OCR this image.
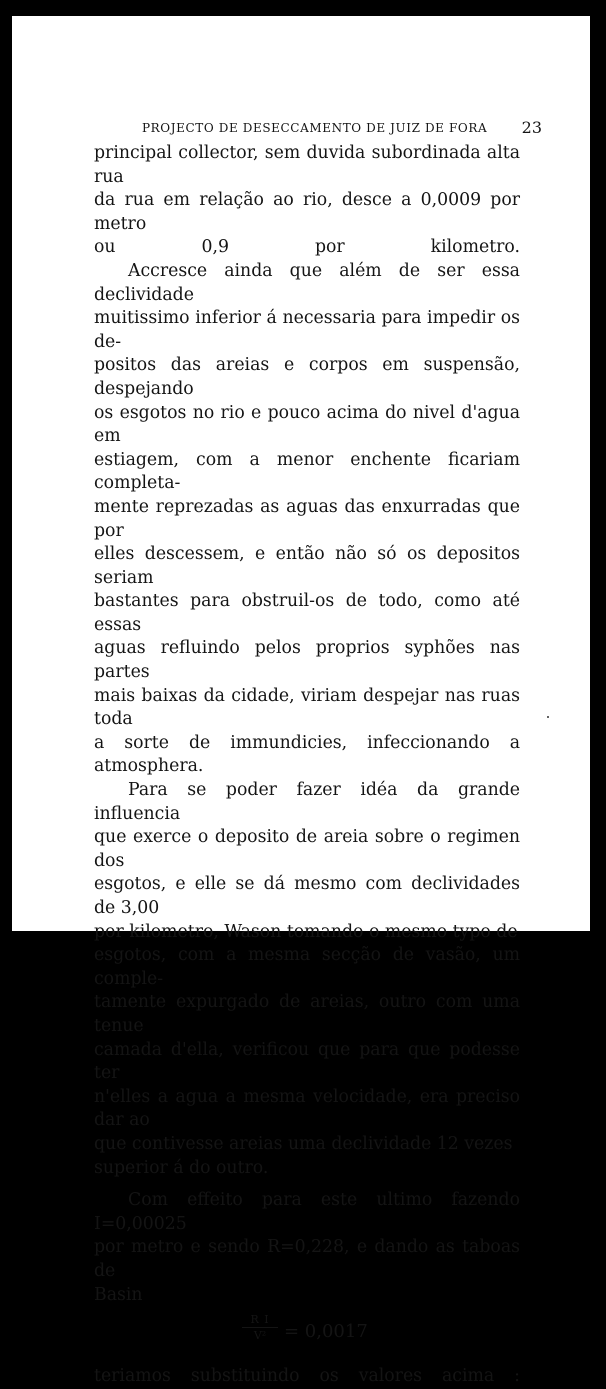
PROJECTO DE DESECCAMENTO DE JUIZ DE FORA 23

principal collector, sem duvida subordinada alta rua
da rua em relação ao rio, desce a 0,0009 por metro
ou 0,9 por kilometro.

Accresce ainda que além de ser essa declividade
muitissimo inferior á necessaria para impedir os de-
positos das areias e corpos em suspensão, despejando
os esgotos no rio e pouco acima do nivel d'agua em
estiagem, com a menor enchente ficariam completa-
mente reprezadas as aguas das enxurradas que por
elles descessem, e então não só os depositos seriam
bastantes para obstruil-os de todo, como até essas
aguas refluindo pelos proprios syphões nas partes
mais baixas da cidade, viriam despejar nas ruas toda
a sorte de immundicies, infeccionando a atmosphera.

Para se poder fazer idéa da grande influencia
que exerce o deposito de areia sobre o regimen dos
esgotos, e elle se dá mesmo com declividades de 3,00
por kilometro, Wason tomando o mesmo typo de
esgotos, com a mesma secção de vasão, um comple-
tamente expurgado de areias, outro com uma tenue
camada d'ella, verificou que para que podesse ter
n'elles a agua a mesma velocidade, era preciso dar ao
que contivesse areias uma declividade 12 vezes
superior á do outro.

Com effeito para este ultimo fazendo I=0,00025
por metro e sendo R=0,228, e dando as taboas de
Basin

R I
V² = 0,0017

teriamos substituindo os valores acima :
